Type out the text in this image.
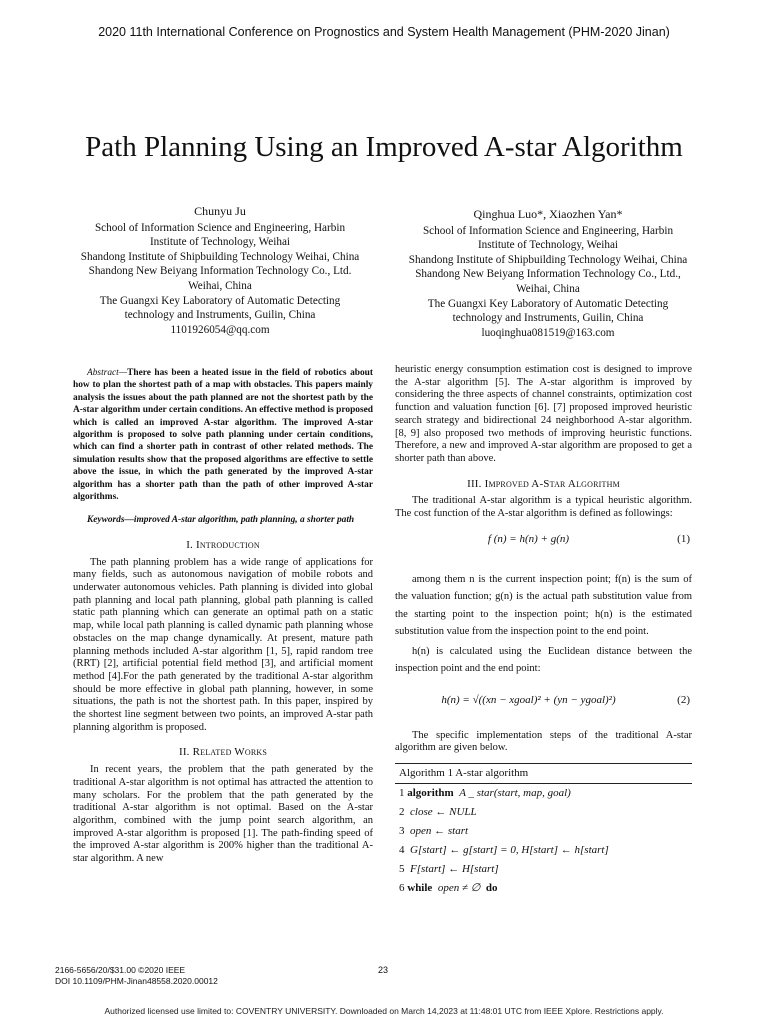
2020 11th International Conference on Prognostics and System Health Management (PHM-2020 Jinan)
Path Planning Using an Improved A-star Algorithm
Chunyu Ju
School of Information Science and Engineering, Harbin
Institute of Technology, Weihai
Shandong Institute of Shipbuilding Technology Weihai, China
Shandong New Beiyang Information Technology Co., Ltd.
Weihai, China
The Guangxi Key Laboratory of Automatic Detecting
technology and Instruments, Guilin, China
1101926054@qq.com
Qinghua Luo*, Xiaozhen Yan*
School of Information Science and Engineering, Harbin
Institute of Technology, Weihai
Shandong Institute of Shipbuilding Technology Weihai, China
Shandong New Beiyang Information Technology Co., Ltd.,
Weihai, China
The Guangxi Key Laboratory of Automatic Detecting
technology and Instruments, Guilin, China
luoqinghua081519@163.com
Abstract—There has been a heated issue in the field of robotics about how to plan the shortest path of a map with obstacles. This papers mainly analysis the issues about the path planned are not the shortest path by the A-star algorithm under certain conditions. An effective method is proposed which is called an improved A-star algorithm. The improved A-star algorithm is proposed to solve path planning under certain conditions, which can find a shorter path in contrast of other related methods. The simulation results show that the proposed algorithms are effective to settle above the issue, in which the path generated by the improved A-star algorithm has a shorter path than the path of other improved A-star algorithms.
Keywords—improved A-star algorithm, path planning, a shorter path
I. Introduction

The path planning problem has a wide range of applications for many fields, such as autonomous navigation of mobile robots and underwater autonomous vehicles. Path planning is divided into global path planning and local path planning, global path planning is called static path planning which can generate an optimal path on a static map, while local path planning is called dynamic path planning whose obstacles on the map change dynamically. At present, mature path planning methods included A-star algorithm [1, 5], rapid random tree (RRT) [2], artificial potential field method [3], and artificial moment method [4].For the path generated by the traditional A-star algorithm should be more effective in global path planning, however, in some situations, the path is not the shortest path. In this paper, inspired by the shortest line segment between two points, an improved A-star path planning algorithm is proposed.

II. Related Works

In recent years, the problem that the path generated by the traditional A-star algorithm is not optimal has attracted the attention to many scholars. For the problem that the path generated by the traditional A-star algorithm is not optimal. Based on the A-star algorithm, combined with the jump point search algorithm, an improved A-star algorithm is proposed [1]. The path-finding speed of the improved A-star algorithm is 200% higher than the traditional A-star algorithm. A new

heuristic energy consumption estimation cost is designed to improve the A-star algorithm [5]. The A-star algorithm is improved by considering the three aspects of channel constraints, optimization cost function and valuation function [6]. [7] proposed improved heuristic search strategy and bidirectional 24 neighborhood A-star algorithm. [8, 9] also proposed two methods of improving heuristic functions. Therefore, a new and improved A-star algorithm are proposed to get a shorter path than above.

III. Improved A-Star Algorithm

The traditional A-star algorithm is a typical heuristic algorithm. The cost function of the A-star algorithm is defined as followings:

f (n) = h(n) + g(n)	(1)

among them n is the current inspection point; f(n) is the sum of the valuation function; g(n) is the actual path substitution value from the starting point to the inspection point; h(n) is the estimated substitution value from the inspection point to the end point.

h(n) is calculated using the Euclidean distance between the inspection point and the end point:

h(n) = √((xn − xgoal)² + (yn − ygoal)²)	(2)

The specific implementation steps of the traditional A-star algorithm are given below.

Algorithm 1 A-star algorithm
1 algorithm A _ star(start, map, goal)
2 close ← NULL
3 open ← start
4 G[start] ← g[start] = 0, H[start] ← h[start]
5 F[start] ← H[start]
6 while open ≠ ∅ do
2166-5656/20/$31.00 ©2020 IEEE
DOI 10.1109/PHM-Jinan48558.2020.00012
23
Authorized licensed use limited to: COVENTRY UNIVERSITY. Downloaded on March 14,2023 at 11:48:01 UTC from IEEE Xplore. Restrictions apply.
